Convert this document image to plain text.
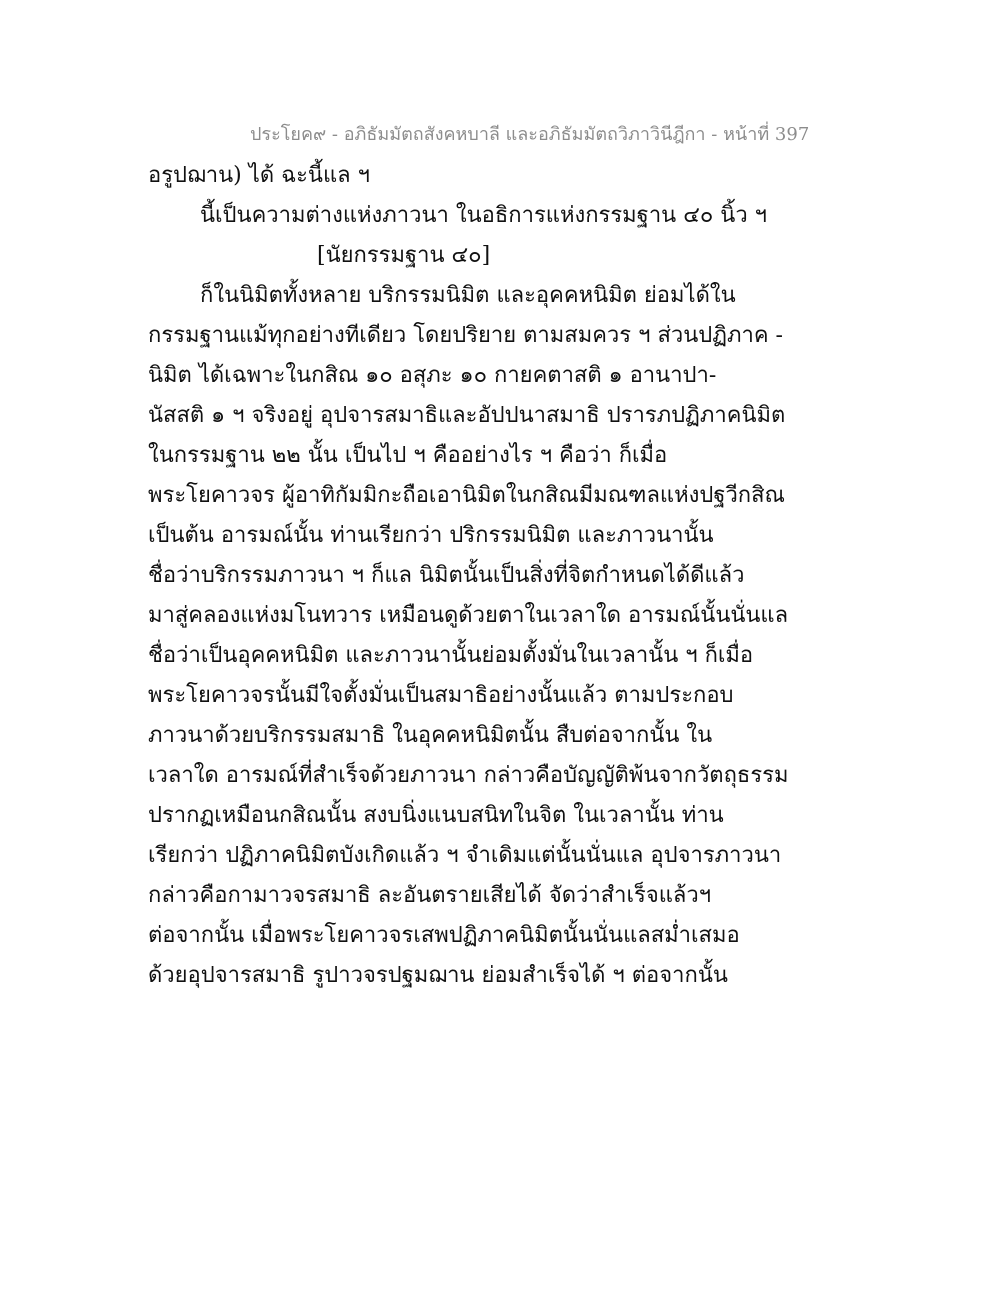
ประโยค๙ - อภิธัมมัตถสังคหบาลี และอภิธัมมัตถวิภาวินีฎีกา - หน้าที่ 397
อรูปฌาน) ได้ ฉะนี้แล ฯ
นี้เป็นความต่างแห่งภาวนา ในอธิการแห่งกรรมฐาน ๔๐ นิ้ว ฯ
[นัยกรรมฐาน ๔๐]
ก็ในนิมิตทั้งหลาย บริกรรมนิมิต และอุคคหนิมิต ย่อมได้ใน
กรรมฐานแม้ทุกอย่างทีเดียว โดยปริยาย ตามสมควร ฯ ส่วนปฏิภาค -
นิมิต ได้เฉพาะในกสิณ ๑๐ อสุภะ ๑๐ กายคตาสติ ๑ อานาปา-
นัสสติ ๑ ฯ จริงอยู่ อุปจารสมาธิและอัปปนาสมาธิ ปรารภปฏิภาคนิมิต
ในกรรมฐาน ๒๒ นั้น เป็นไป ฯ คืออย่างไร ฯ คือว่า ก็เมื่อ
พระโยคาวจร ผู้อาทิกัมมิกะถือเอานิมิตในกสิณมีมณฑลแห่งปฐวีกสิณ
เป็นต้น อารมณ์นั้น ท่านเรียกว่า ปริกรรมนิมิต และภาวนานั้น
ชื่อว่าบริกรรมภาวนา ฯ ก็แล นิมิตนั้นเป็นสิ่งที่จิตกำหนดได้ดีแล้ว
มาสู่คลองแห่งมโนทวาร เหมือนดูด้วยตาในเวลาใด อารมณ์นั้นนั่นแล
ชื่อว่าเป็นอุคคหนิมิต และภาวนานั้นย่อมตั้งมั่นในเวลานั้น ฯ ก็เมื่อ
พระโยคาวจรนั้นมีใจตั้งมั่นเป็นสมาธิอย่างนั้นแล้ว ตามประกอบ
ภาวนาด้วยบริกรรมสมาธิ ในอุคคหนิมิตนั้น สืบต่อจากนั้น ใน
เวลาใด อารมณ์ที่สำเร็จด้วยภาวนา กล่าวคือบัญญัติพ้นจากวัตถุธรรม
ปรากฏเหมือนกสิณนั้น สงบนิ่งแนบสนิทในจิต ในเวลานั้น ท่าน
เรียกว่า ปฏิภาคนิมิตบังเกิดแล้ว ฯ จำเดิมแต่นั้นนั่นแล อุปจารภาวนา
กล่าวคือกามาวจรสมาธิ ละอันตรายเสียได้ จัดว่าสำเร็จแล้วฯ
ต่อจากนั้น เมื่อพระโยคาวจรเสพปฏิภาคนิมิตนั้นนั่นแลสม่ำเสมอ
ด้วยอุปจารสมาธิ รูปาวจรปฐมฌาน ย่อมสำเร็จได้ ฯ ต่อจากนั้น
